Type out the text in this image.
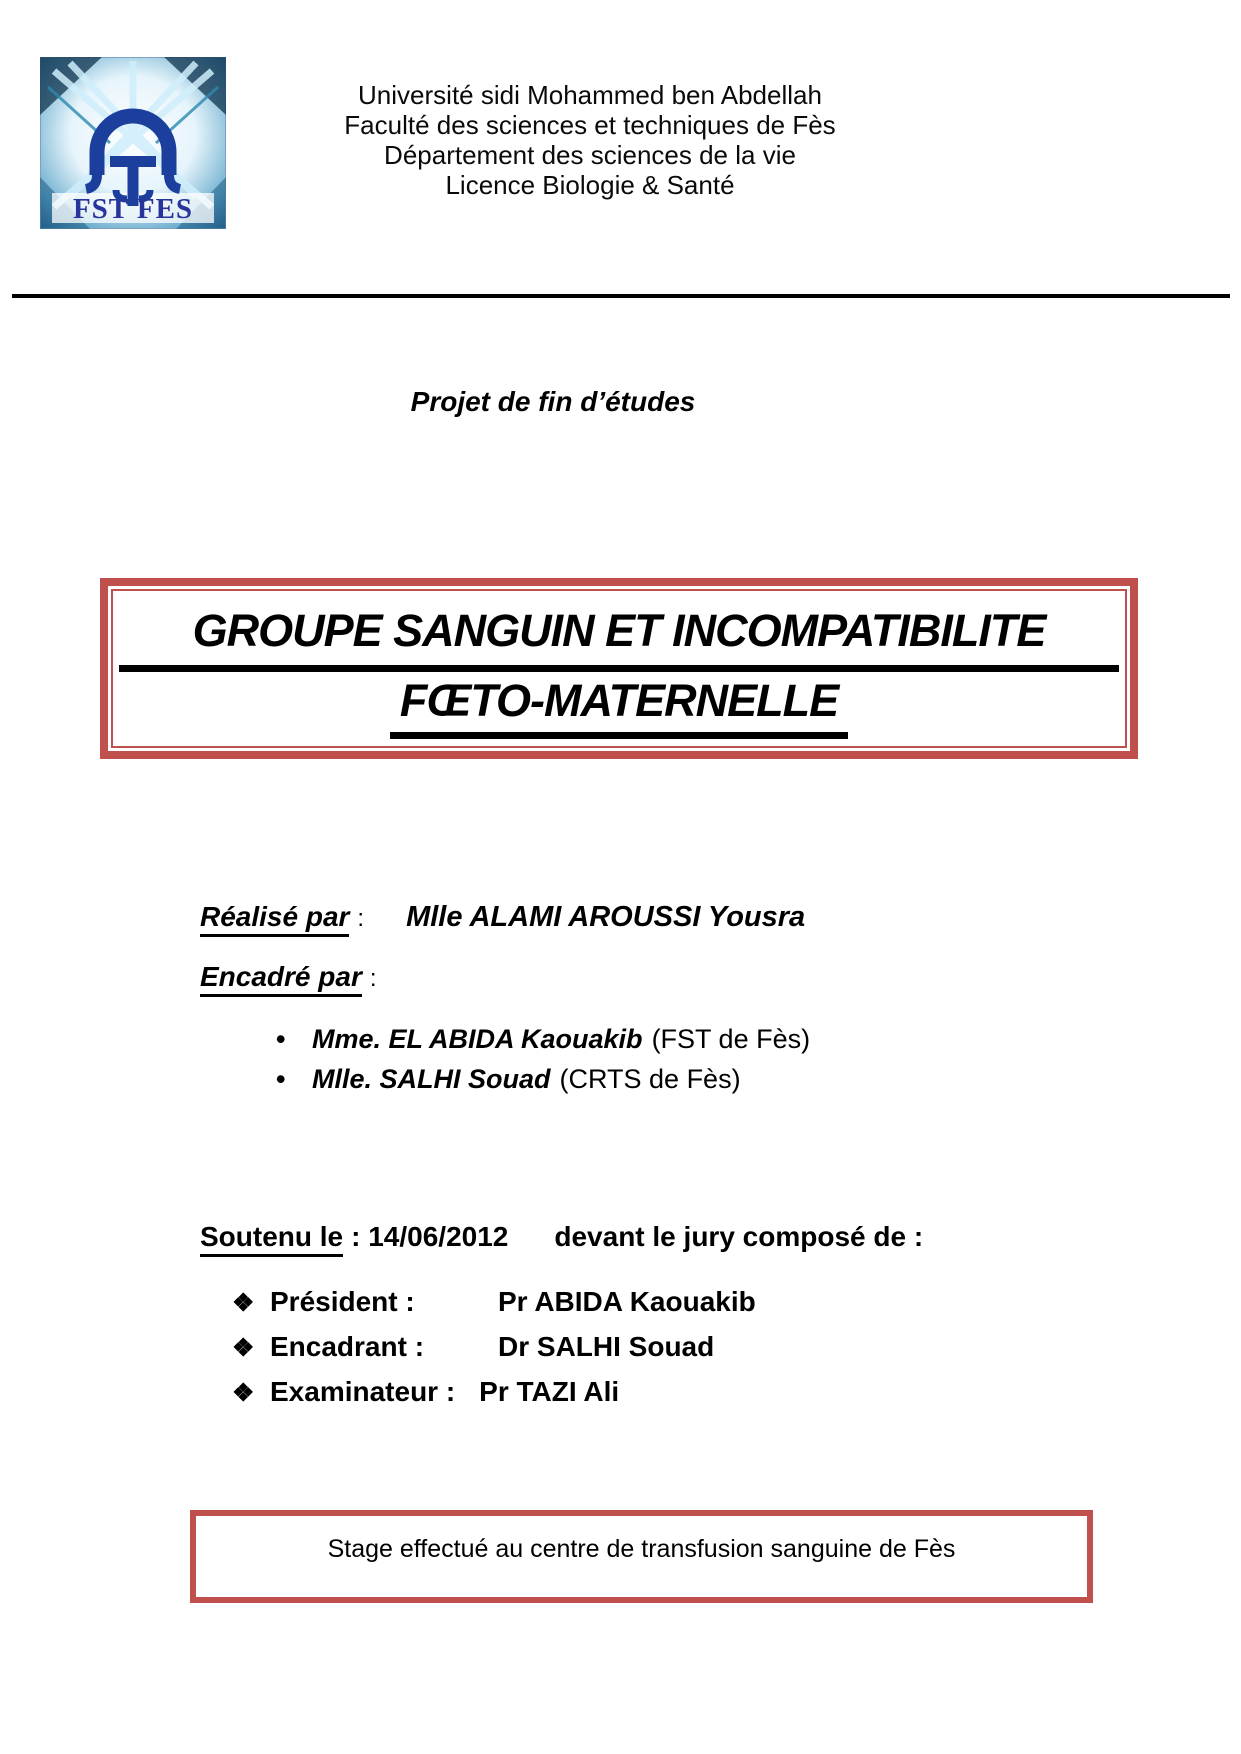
FST FES
Université sidi Mohammed ben Abdellah
Faculté des sciences et techniques de Fès
Département des sciences de la vie
Licence Biologie & Santé
Projet de fin d’études
GROUPE SANGUIN ET INCOMPATIBILITE
FŒTO-MATERNELLE
Réalisé par : Mlle ALAMI AROUSSI Yousra
Encadré par :
• Mme. EL ABIDA Kaouakib (FST de Fès)
• Mlle. SALHI Souad (CRTS de Fès)
Soutenu le : 14/06/2012 devant le jury composé de :
❖ Président :	Pr ABIDA Kaouakib
❖ Encadrant :	Dr SALHI Souad
❖ Examinateur : Pr TAZI Ali
Stage effectué au centre de transfusion sanguine de Fès
